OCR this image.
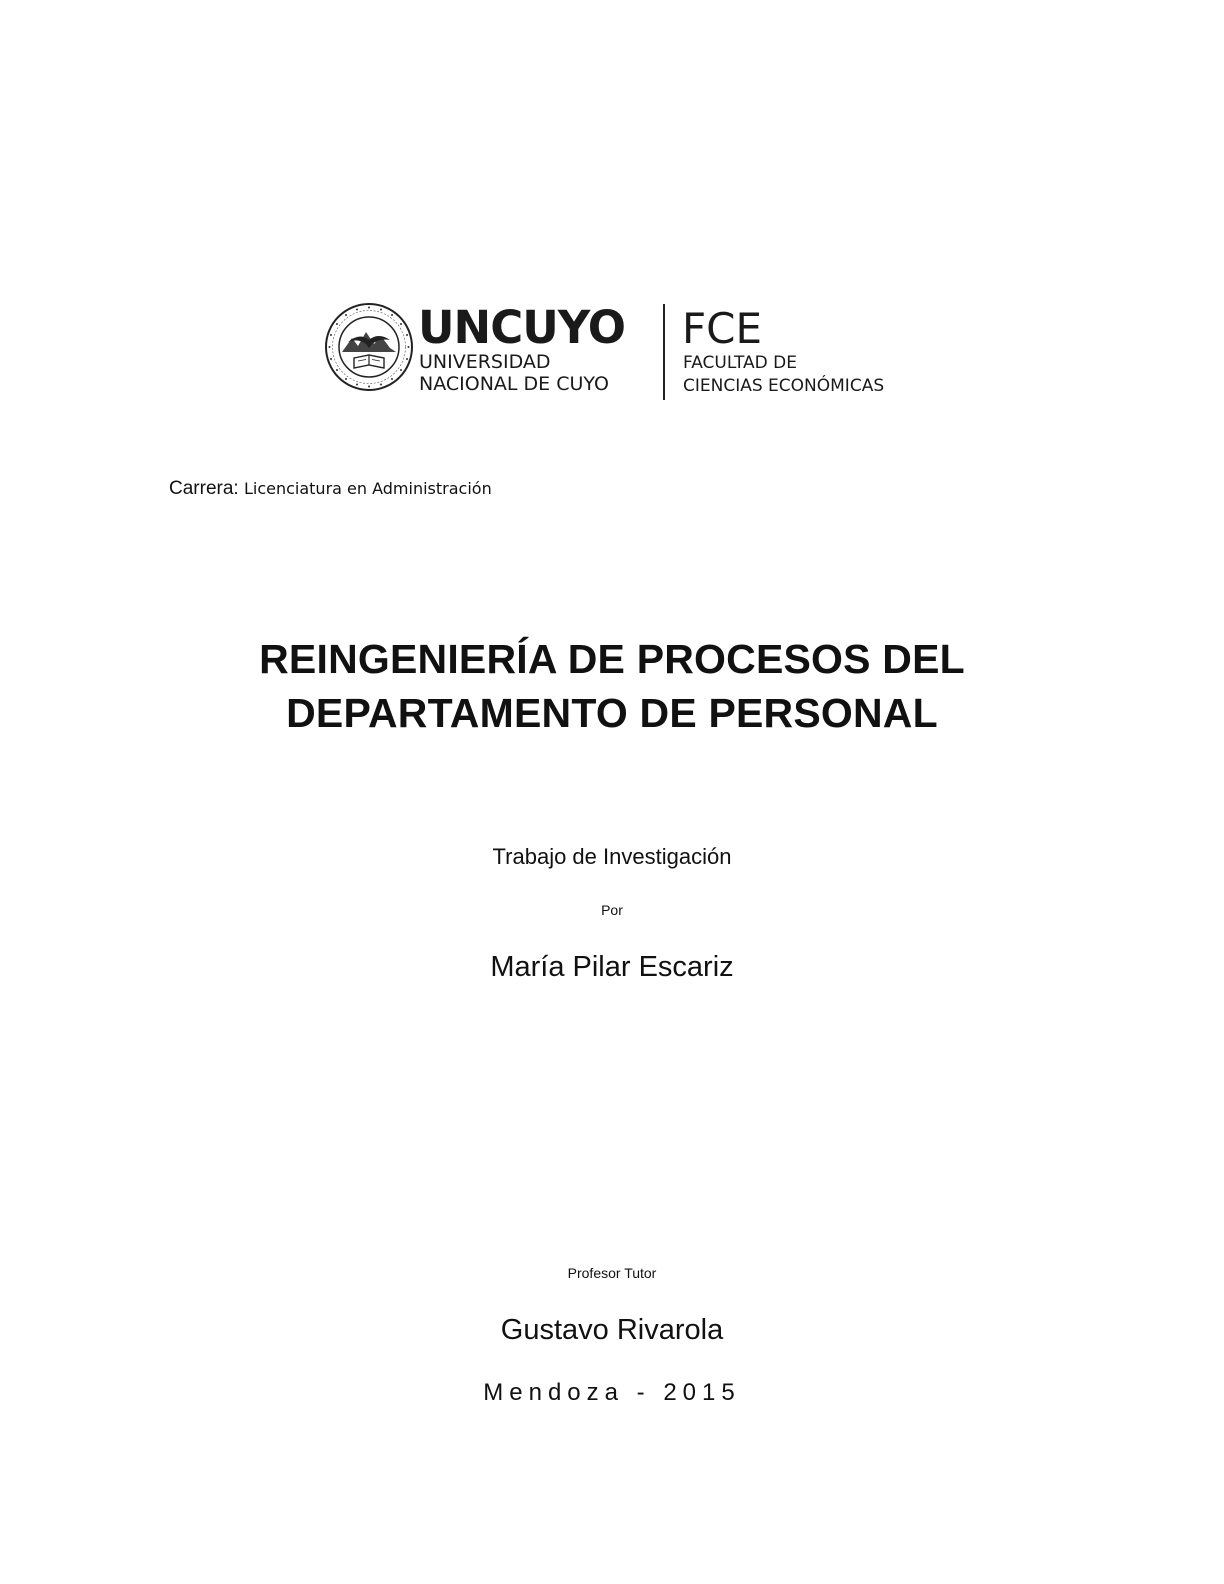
UNCUYO
UNIVERSIDAD
NACIONAL DE CUYO
FCE
FACULTAD DE
CIENCIAS ECONÓMICAS
Carrera: Licenciatura en Administración
REINGENIERÍA DE PROCESOS DEL
DEPARTAMENTO DE PERSONAL
Trabajo de Investigación
Por
María Pilar Escariz
Profesor Tutor
Gustavo Rivarola
Mendoza - 2015
